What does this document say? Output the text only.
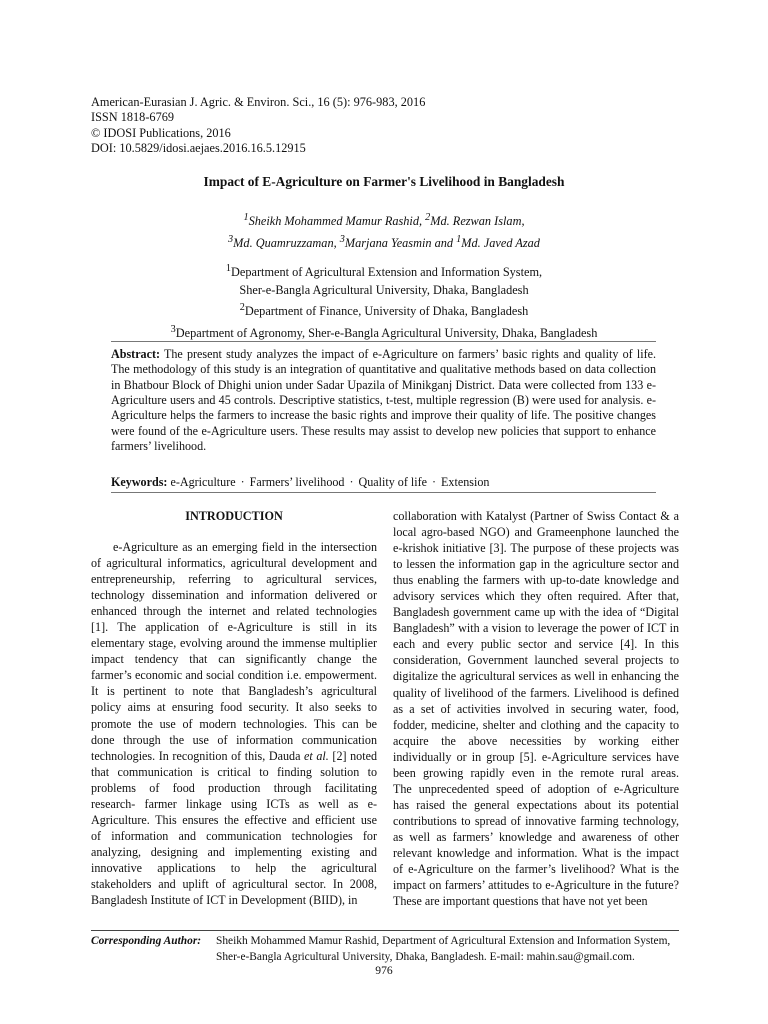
American-Eurasian J. Agric. & Environ. Sci., 16 (5): 976-983, 2016
ISSN 1818-6769
© IDOSI Publications, 2016
DOI: 10.5829/idosi.aejaes.2016.16.5.12915
Impact of E-Agriculture on Farmer's Livelihood in Bangladesh
$^1$Sheikh Mohammed Mamur Rashid, $^2$Md. Rezwan Islam,
$^3$Md. Quamruzzaman, $^3$Marjana Yeasmin and $^1$Md. Javed Azad
$^1$Department of Agricultural Extension and Information System,
Sher-e-Bangla Agricultural University, Dhaka, Bangladesh
$^2$Department of Finance, University of Dhaka, Bangladesh
$^3$Department of Agronomy, Sher-e-Bangla Agricultural University, Dhaka, Bangladesh
Abstract: The present study analyzes the impact of e-Agriculture on farmers’ basic rights and quality of life. The methodology of this study is an integration of quantitative and qualitative methods based on data collection in Bhatbour Block of Dhighi union under Sadar Upazila of Minikganj District. Data were collected from 133 e-Agriculture users and 45 controls. Descriptive statistics, t-test, multiple regression (B) were used for analysis. e-Agriculture helps the farmers to increase the basic rights and improve their quality of life. The positive changes were found of the e-Agriculture users. These results may assist to develop new policies that support to enhance farmers’ livelihood.
Keywords: e-Agriculture · Farmers’ livelihood · Quality of life · Extension
INTRODUCTION
e-Agriculture as an emerging field in the intersection
of agricultural informatics, agricultural development and
entrepreneurship, referring to agricultural services,
technology dissemination and information delivered or
enhanced through the internet and related technologies
[1]. The application of e-Agriculture is still in its
elementary stage, evolving around the immense multiplier
impact tendency that can significantly change the
farmer’s economic and social condition i.e. empowerment.
It is pertinent to note that Bangladesh’s agricultural
policy aims at ensuring food security. It also seeks to
promote the use of modern technologies. This can be
done through the use of information communication
technologies. In recognition of this, Dauda et al. [2] noted
that communication is critical to finding solution to
problems of food production through facilitating
research- farmer linkage using ICTs as well as e-
Agriculture. This ensures the effective and efficient use
of information and communication technologies for
analyzing, designing and implementing existing and
innovative applications to help the agricultural
stakeholders and uplift of agricultural sector. In 2008,
Bangladesh Institute of ICT in Development (BIID), in
collaboration with Katalyst (Partner of Swiss Contact & a
local agro-based NGO) and Grameenphone launched the
e-krishok initiative [3]. The purpose of these projects was
to lessen the information gap in the agriculture sector and
thus enabling the farmers with up-to-date knowledge and
advisory services which they often required. After that,
Bangladesh government came up with the idea of “Digital
Bangladesh” with a vision to leverage the power of ICT in
each and every public sector and service [4]. In this
consideration, Government launched several projects to
digitalize the agricultural services as well in enhancing the
quality of livelihood of the farmers. Livelihood is defined
as a set of activities involved in securing water, food,
fodder, medicine, shelter and clothing and the capacity to
acquire the above necessities by working either
individually or in group [5]. e-Agriculture services have
been growing rapidly even in the remote rural areas.
The unprecedented speed of adoption of e-Agriculture
has raised the general expectations about its potential
contributions to spread of innovative farming technology,
as well as farmers’ knowledge and awareness of other
relevant knowledge and information. What is the impact
of e-Agriculture on the farmer’s livelihood? What is the
impact on farmers’ attitudes to e-Agriculture in the future?
These are important questions that have not yet been
Corresponding Author: Sheikh Mohammed Mamur Rashid, Department of Agricultural Extension and Information System,
Sher-e-Bangla Agricultural University, Dhaka, Bangladesh. E-mail: mahin.sau@gmail.com.
976
